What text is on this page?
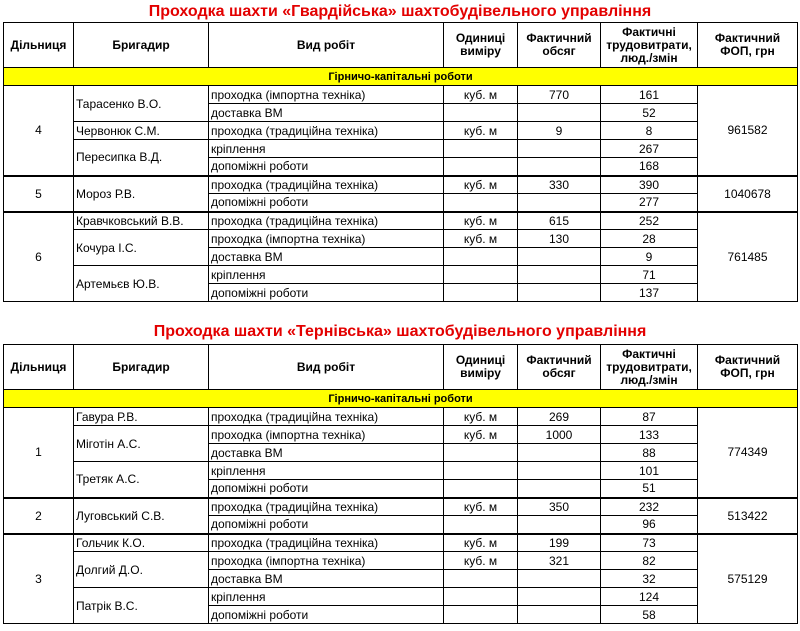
Проходка шахти «Гвардійська» шахтобудівельного управління
Дільниця	Бригадир	Вид робіт	Одиниці виміру	Фактичний обсяг	Фактичні трудовитрати, люд./змін	Фактичний ФОП, грн
Гірничо-капітальні роботи						
4	Тарасенко В.О.	проходка (імпортна техніка)	куб. м	770	161	961582
		доставка ВМ			52	
	Червонюк С.М.	проходка (традиційна техніка)	куб. м	9	8	
	Пересипка В.Д.	кріплення			267	
		допоміжні роботи			168	
5	Мороз Р.В.	проходка (традиційна техніка)	куб. м	330	390	1040678
		допоміжні роботи			277	
6	Кравчковський В.В.	проходка (традиційна техніка)	куб. м	615	252	761485
	Кочура І.С.	проходка (імпортна техніка)	куб. м	130	28	
		доставка ВМ			9	
	Артемьєв Ю.В.	кріплення			71	
		допоміжні роботи			137	
Проходка шахти «Тернівська» шахтобудівельного управління
Дільниця	Бригадир	Вид робіт	Одиниці виміру	Фактичний обсяг	Фактичні трудовитрати, люд./змін	Фактичний ФОП, грн
Гірничо-капітальні роботи						
1	Гавура Р.В.	проходка (традиційна техніка)	куб. м	269	87	774349
	Міготін А.С.	проходка (імпортна техніка)	куб. м	1000	133	
		доставка ВМ			88	
	Третяк А.С.	кріплення			101	
		допоміжні роботи			51	
2	Луговський С.В.	проходка (традиційна техніка)	куб. м	350	232	513422
		допоміжні роботи			96	
3	Гольчик К.О.	проходка (традиційна техніка)	куб. м	199	73	575129
	Долгий Д.О.	проходка (імпортна техніка)	куб. м	321	82	
		доставка ВМ			32	
	Патрік В.С.	кріплення			124	
		допоміжні роботи			58	
